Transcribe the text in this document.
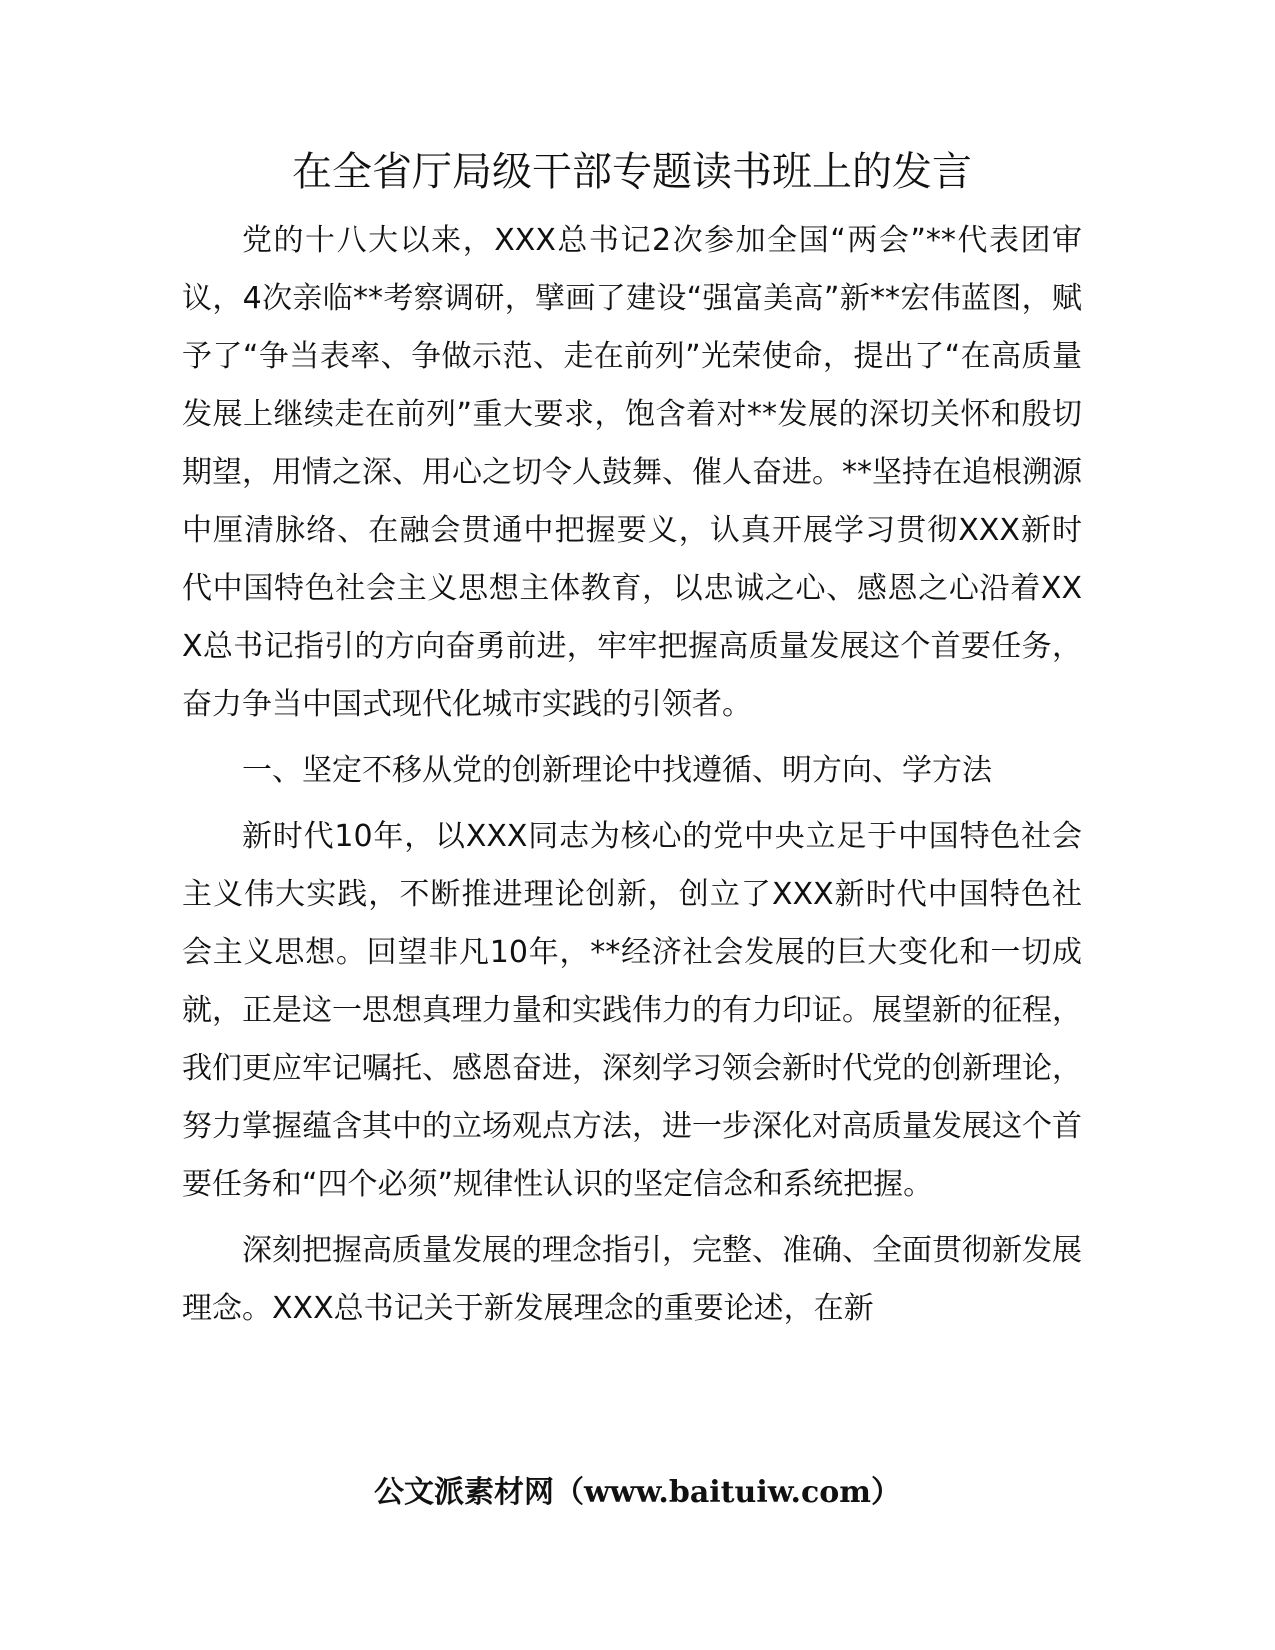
在全省厅局级干部专题读书班上的发言

党的十八大以来，XXX总书记2次参加全国“两会”**代表团审议，4次亲临**考察调研，擘画了建设“强富美高”新**宏伟蓝图，赋予了“争当表率、争做示范、走在前列”光荣使命，提出了“在高质量发展上继续走在前列”重大要求，饱含着对**发展的深切关怀和殷切期望，用情之深、用心之切令人鼓舞、催人奋进。**坚持在追根溯源中厘清脉络、在融会贯通中把握要义，认真开展学习贯彻XXX新时代中国特色社会主义思想主体教育，以忠诚之心、感恩之心沿着XXX总书记指引的方向奋勇前进，牢牢把握高质量发展这个首要任务，奋力争当中国式现代化城市实践的引领者。

一、坚定不移从党的创新理论中找遵循、明方向、学方法

新时代10年，以XXX同志为核心的党中央立足于中国特色社会主义伟大实践，不断推进理论创新，创立了XXX新时代中国特色社会主义思想。回望非凡10年，**经济社会发展的巨大变化和一切成就，正是这一思想真理力量和实践伟力的有力印证。展望新的征程，我们更应牢记嘱托、感恩奋进，深刻学习领会新时代党的创新理论，努力掌握蕴含其中的立场观点方法，进一步深化对高质量发展这个首要任务和“四个必须”规律性认识的坚定信念和系统把握。

深刻把握高质量发展的理念指引，完整、准确、全面贯彻新发展理念。XXX总书记关于新发展理念的重要论述，在新

公文派素材网（www.baituiw.com）
